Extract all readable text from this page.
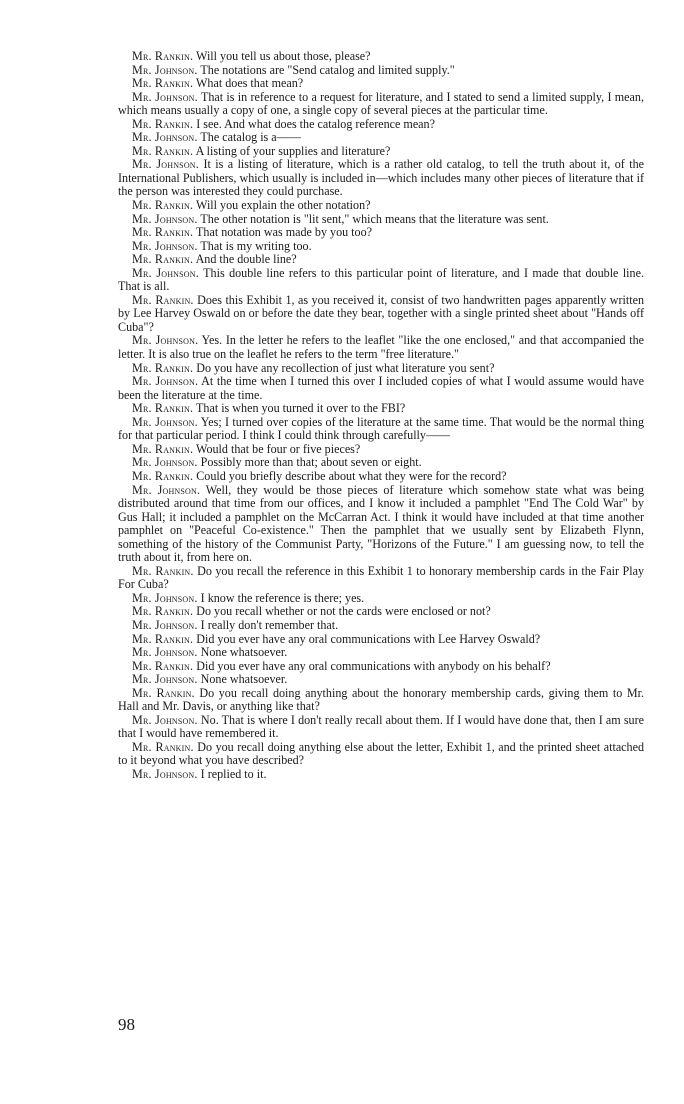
Mr. Rankin. Will you tell us about those, please?

Mr. Johnson. The notations are "Send catalog and limited supply."

Mr. Rankin. What does that mean?

Mr. Johnson. That is in reference to a request for literature, and I stated to send a limited supply, I mean, which means usually a copy of one, a single copy of several pieces at the particular time.

Mr. Rankin. I see. And what does the catalog reference mean?

Mr. Johnson. The catalog is a——

Mr. Rankin. A listing of your supplies and literature?

Mr. Johnson. It is a listing of literature, which is a rather old catalog, to tell the truth about it, of the International Publishers, which usually is included in—which includes many other pieces of literature that if the person was interested they could purchase.

Mr. Rankin. Will you explain the other notation?

Mr. Johnson. The other notation is "lit sent," which means that the literature was sent.

Mr. Rankin. That notation was made by you too?

Mr. Johnson. That is my writing too.

Mr. Rankin. And the double line?

Mr. Johnson. This double line refers to this particular point of literature, and I made that double line. That is all.

Mr. Rankin. Does this Exhibit 1, as you received it, consist of two handwritten pages apparently written by Lee Harvey Oswald on or before the date they bear, together with a single printed sheet about "Hands off Cuba"?

Mr. Johnson. Yes. In the letter he refers to the leaflet "like the one enclosed," and that accompanied the letter. It is also true on the leaflet he refers to the term "free literature."

Mr. Rankin. Do you have any recollection of just what literature you sent?

Mr. Johnson. At the time when I turned this over I included copies of what I would assume would have been the literature at the time.

Mr. Rankin. That is when you turned it over to the FBI?

Mr. Johnson. Yes; I turned over copies of the literature at the same time. That would be the normal thing for that particular period. I think I could think through carefully——

Mr. Rankin. Would that be four or five pieces?

Mr. Johnson. Possibly more than that; about seven or eight.

Mr. Rankin. Could you briefly describe about what they were for the record?

Mr. Johnson. Well, they would be those pieces of literature which somehow state what was being distributed around that time from our offices, and I know it included a pamphlet "End The Cold War" by Gus Hall; it included a pamphlet on the McCarran Act. I think it would have included at that time another pamphlet on "Peaceful Co-existence." Then the pamphlet that we usually sent by Elizabeth Flynn, something of the history of the Communist Party, "Horizons of the Future." I am guessing now, to tell the truth about it, from here on.

Mr. Rankin. Do you recall the reference in this Exhibit 1 to honorary membership cards in the Fair Play For Cuba?

Mr. Johnson. I know the reference is there; yes.

Mr. Rankin. Do you recall whether or not the cards were enclosed or not?

Mr. Johnson. I really don't remember that.

Mr. Rankin. Did you ever have any oral communications with Lee Harvey Oswald?

Mr. Johnson. None whatsoever.

Mr. Rankin. Did you ever have any oral communications with anybody on his behalf?

Mr. Johnson. None whatsoever.

Mr. Rankin. Do you recall doing anything about the honorary membership cards, giving them to Mr. Hall and Mr. Davis, or anything like that?

Mr. Johnson. No. That is where I don't really recall about them. If I would have done that, then I am sure that I would have remembered it.

Mr. Rankin. Do you recall doing anything else about the letter, Exhibit 1, and the printed sheet attached to it beyond what you have described?

Mr. Johnson. I replied to it.

98
